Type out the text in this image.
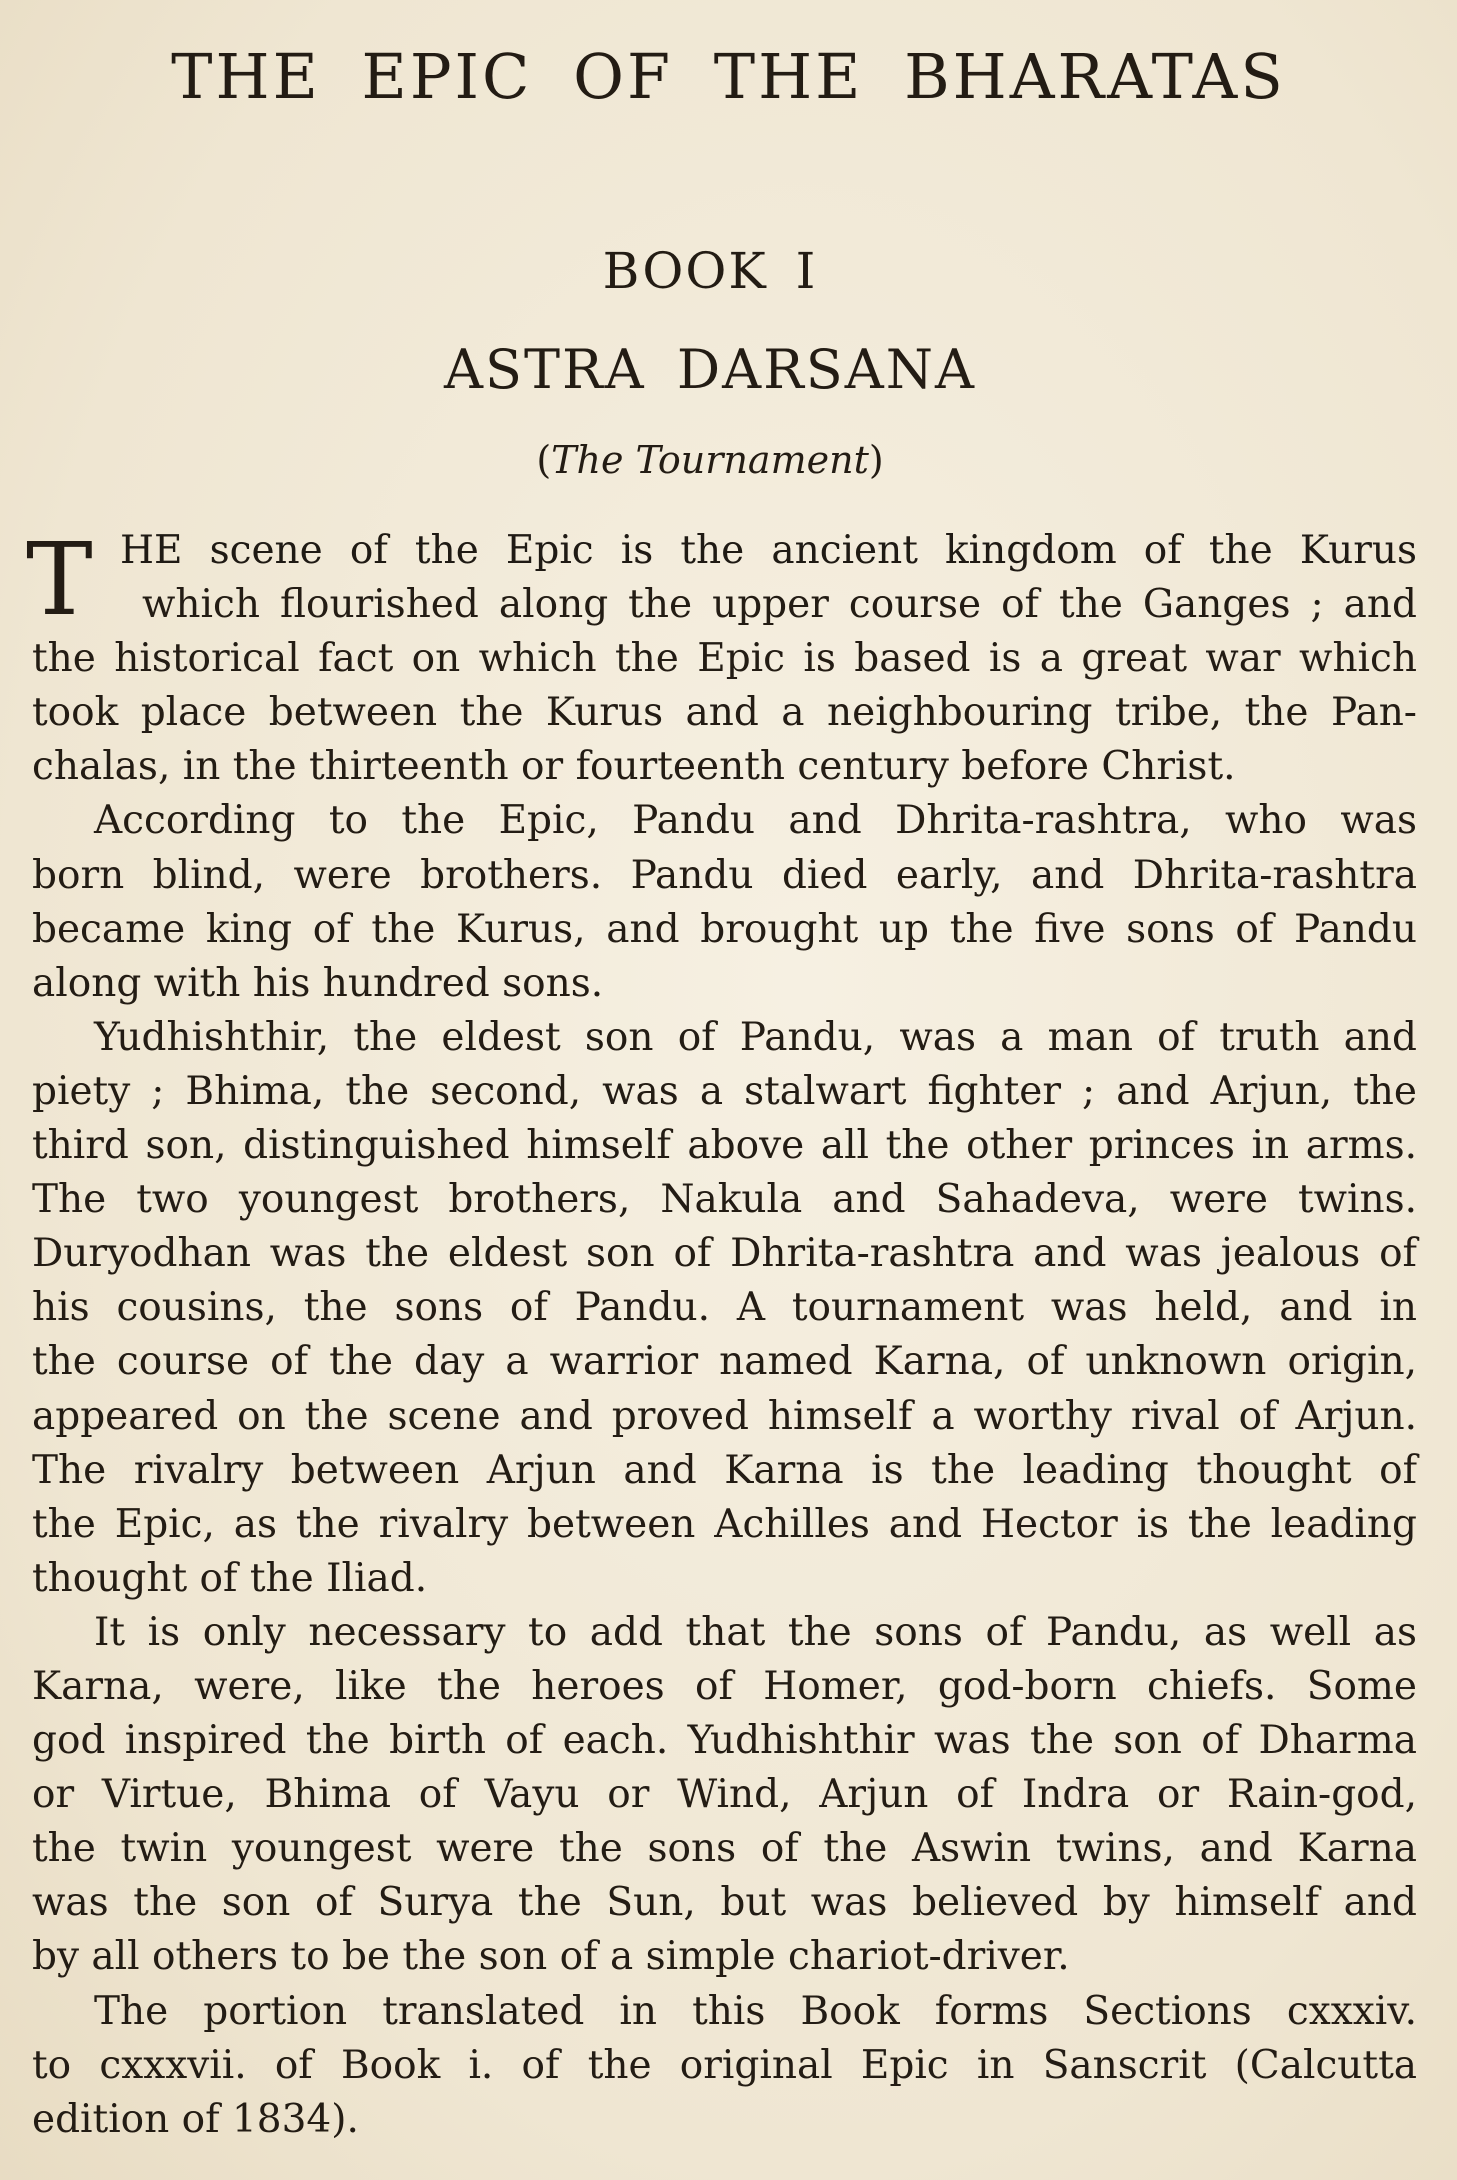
THE EPIC OF THE BHARATAS
BOOK I
ASTRA DARSANA
(The Tournament)
T HE scene of the Epic is the ancient kingdom of the Kurus
which flourished along the upper course of the Ganges ; and
the historical fact on which the Epic is based is a great war which
took place between the Kurus and a neighbouring tribe, the Pan-
chalas, in the thirteenth or fourteenth century before Christ.
According to the Epic, Pandu and Dhrita-rashtra, who was
born blind, were brothers. Pandu died early, and Dhrita-rashtra
became king of the Kurus, and brought up the five sons of Pandu
along with his hundred sons.
Yudhishthir, the eldest son of Pandu, was a man of truth and
piety ; Bhima, the second, was a stalwart fighter ; and Arjun, the
third son, distinguished himself above all the other princes in arms.
The two youngest brothers, Nakula and Sahadeva, were twins.
Duryodhan was the eldest son of Dhrita-rashtra and was jealous of
his cousins, the sons of Pandu. A tournament was held, and in
the course of the day a warrior named Karna, of unknown origin,
appeared on the scene and proved himself a worthy rival of Arjun.
The rivalry between Arjun and Karna is the leading thought of
the Epic, as the rivalry between Achilles and Hector is the leading
thought of the Iliad.
It is only necessary to add that the sons of Pandu, as well as
Karna, were, like the heroes of Homer, god-born chiefs. Some
god inspired the birth of each. Yudhishthir was the son of Dharma
or Virtue, Bhima of Vayu or Wind, Arjun of Indra or Rain-god,
the twin youngest were the sons of the Aswin twins, and Karna
was the son of Surya the Sun, but was believed by himself and
by all others to be the son of a simple chariot-driver.
The portion translated in this Book forms Sections cxxxiv.
to cxxxvii. of Book i. of the original Epic in Sanscrit (Calcutta
edition of 1834).
